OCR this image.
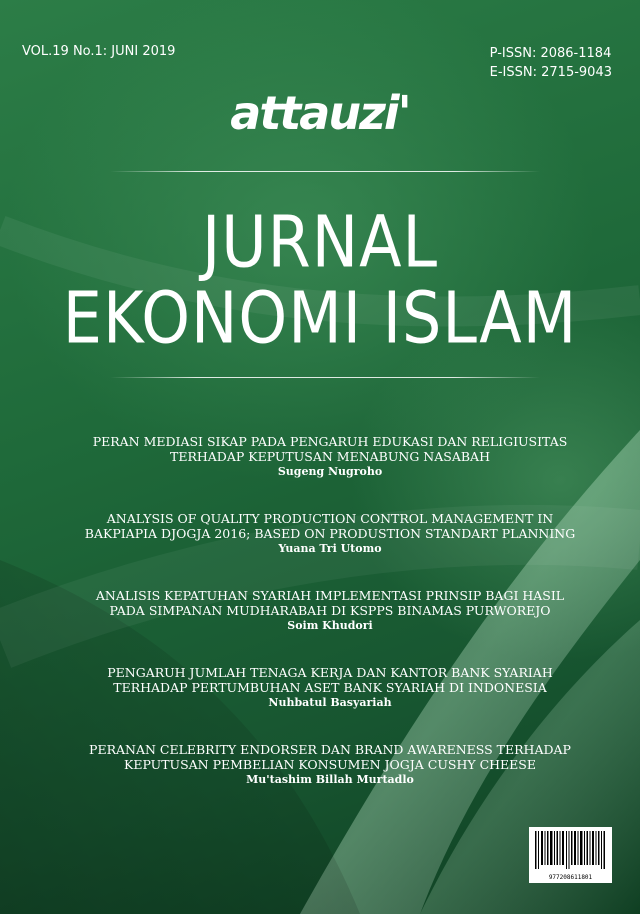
VOL.19 No.1: JUNI 2019	P-ISSN: 2086-1184
E-ISSN: 2715-9043
attauzi'
JURNAL
EKONOMI ISLAM
PERAN MEDIASI SIKAP PADA PENGARUH EDUKASI DAN RELIGIUSITAS TERHADAP KEPUTUSAN MENABUNG NASABAH
Sugeng Nugroho
ANALYSIS OF QUALITY PRODUCTION CONTROL MANAGEMENT IN BAKPIAPIA DJOGJA 2016; BASED ON PRODUSTION STANDART PLANNING
Yuana Tri Utomo
ANALISIS KEPATUHAN SYARIAH IMPLEMENTASI PRINSIP BAGI HASIL PADA SIMPANAN MUDHARABAH DI KSPPS BINAMAS PURWOREJO
Soim Khudori
PENGARUH JUMLAH TENAGA KERJA DAN KANTOR BANK SYARIAH TERHADAP PERTUMBUHAN ASET BANK SYARIAH DI INDONESIA
Nuhbatul Basyariah
PERANAN CELEBRITY ENDORSER DAN BRAND AWARENESS TERHADAP KEPUTUSAN PEMBELIAN KONSUMEN JOGJA CUSHY CHEESE
Mu'tashim Billah Murtadlo
977208611801
